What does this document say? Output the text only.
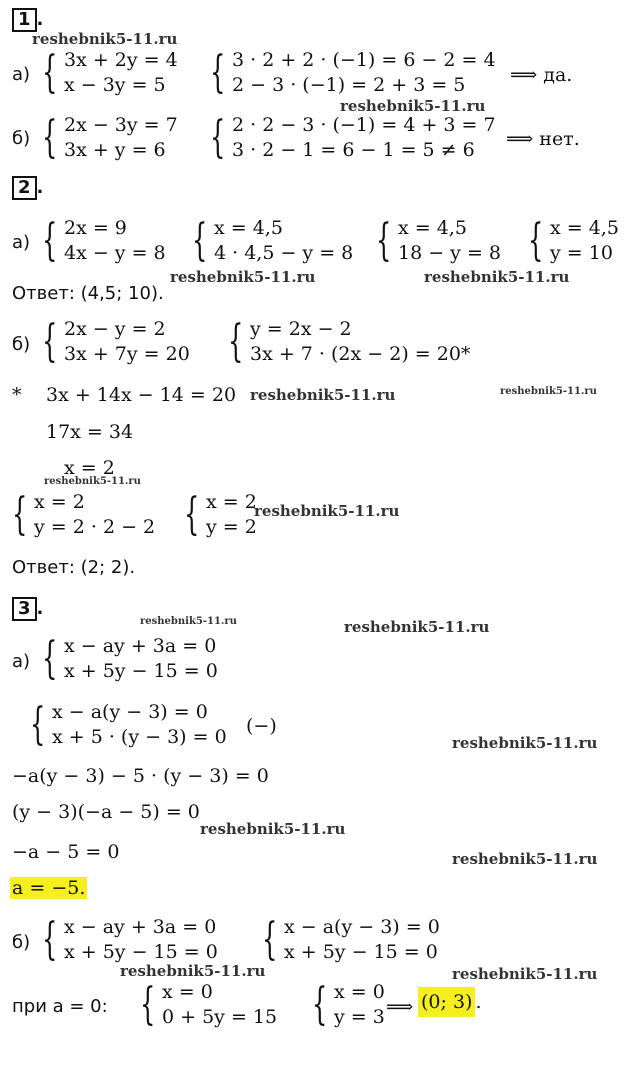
1 .
а) { 3x + 2y = 4
x − 3y = 5 { 3 · 2 + 2 · (−1) = 6 − 2 = 4
2 − 3 · (−1) = 2 + 3 = 5	⟹ да.
б) { 2x − 3y = 7
3x + y = 6 { 2 · 2 − 3 · (−1) = 4 + 3 = 7
3 · 2 − 1 = 6 − 1 = 5 ≠ 6	⟹ нет.
2 .
а) { 2x = 9
4x − y = 8 { x = 4,5
4 · 4,5 − y = 8 { x = 4,5
18 − y = 8 { x = 4,5
y = 10
Ответ: (4,5; 10).
б) { 2x − y = 2
3x + 7y = 20 { y = 2x − 2
3x + 7 · (2x − 2) = 20*
* 3x + 14x − 14 = 20
17x = 34
x = 2
{ x = 2
y = 2 · 2 − 2 { x = 2
y = 2
Ответ: (2; 2).
3 .
а) { x − ay + 3a = 0
x + 5y − 15 = 0
{ x − a(y − 3) = 0
x + 5 · (y − 3) = 0 (−)
−a(y − 3) − 5 · (y − 3) = 0
(y − 3)(−a − 5) = 0
−a − 5 = 0
a = −5.
б) { x − ay + 3a = 0
x + 5y − 15 = 0 { x − a(y − 3) = 0
x + 5y − 15 = 0
при a = 0: { x = 0
0 + 5y = 15 { x = 0
y = 3 ⟹ (0; 3) .
reshebnik5-11.ru
reshebnik5-11.ru
reshebnik5-11.ru	reshebnik5-11.ru
reshebnik5-11.ru	reshebnik5-11.ru
reshebnik5-11.ru
reshebnik5-11.ru
reshebnik5-11.ru	reshebnik5-11.ru
reshebnik5-11.ru
reshebnik5-11.ru
reshebnik5-11.ru
reshebnik5-11.ru	reshebnik5-11.ru
